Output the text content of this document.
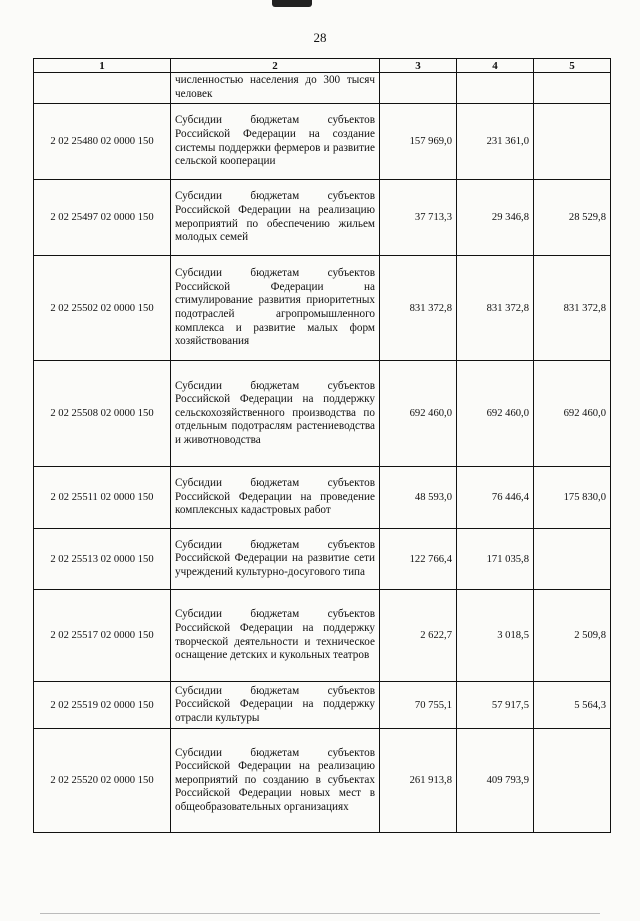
28
1	2	3	4	5
	численностью населения до 300 тысяч человек			
2 02 25480 02 0000 150	Субсидии бюджетам субъектов Российской Федерации на создание системы поддержки фермеров и развитие сельской кооперации	157 969,0	231 361,0	
2 02 25497 02 0000 150	Субсидии бюджетам субъектов Российской Федерации на реализацию мероприятий по обеспечению жильем молодых семей	37 713,3	29 346,8	28 529,8
2 02 25502 02 0000 150	Субсидии бюджетам субъектов Российской Федерации на стимулирование развития приоритетных подотраслей агропромышленного комплекса и развитие малых форм хозяйствования	831 372,8	831 372,8	831 372,8
2 02 25508 02 0000 150	Субсидии бюджетам субъектов Российской Федерации на поддержку сельскохозяйственного производства по отдельным подотраслям растениеводства и животноводства	692 460,0	692 460,0	692 460,0
2 02 25511 02 0000 150	Субсидии бюджетам субъектов Российской Федерации на проведение комплексных кадастровых работ	48 593,0	76 446,4	175 830,0
2 02 25513 02 0000 150	Субсидии бюджетам субъектов Российской Федерации на развитие сети учреждений культурно-досугового типа	122 766,4	171 035,8	
2 02 25517 02 0000 150	Субсидии бюджетам субъектов Российской Федерации на поддержку творческой деятельности и техническое оснащение детских и кукольных театров	2 622,7	3 018,5	2 509,8
2 02 25519 02 0000 150	Субсидии бюджетам субъектов Российской Федерации на поддержку отрасли культуры	70 755,1	57 917,5	5 564,3
2 02 25520 02 0000 150	Субсидии бюджетам субъектов Российской Федерации на реализацию мероприятий по созданию в субъектах Российской Федерации новых мест в общеобразовательных организациях	261 913,8	409 793,9	
